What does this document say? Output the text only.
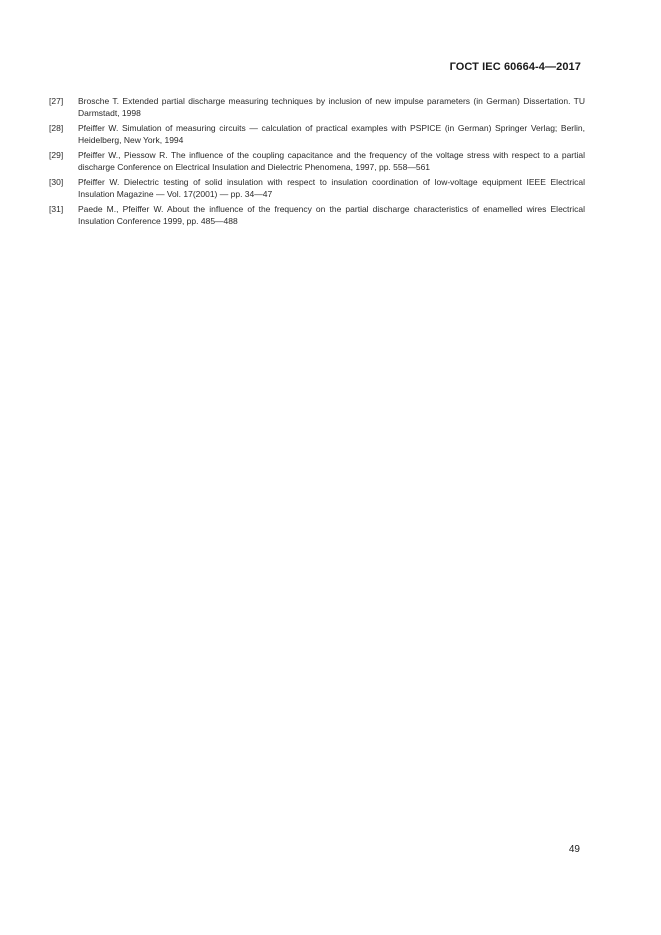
ГОСТ IEC 60664-4—2017
[27]	Brosche T. Extended partial discharge measuring techniques by inclusion of new impulse parameters (in German) Dissertation. TU Darmstadt, 1998
[28]	Pfeiffer W. Simulation of measuring circuits — calculation of practical examples with PSPICE (in German) Springer Verlag; Berlin, Heidelberg, New York, 1994
[29]	Pfeiffer W., Piessow R. The influence of the coupling capacitance and the frequency of the voltage stress with respect to a partial discharge Conference on Electrical Insulation and Dielectric Phenomena, 1997, pp. 558—561
[30]	Pfeiffer W. Dielectric testing of solid insulation with respect to insulation coordination of low-voltage equipment IEEE Electrical Insulation Magazine — Vol. 17(2001) — pp. 34—47
[31]	Paede M., Pfeiffer W. About the influence of the frequency on the partial discharge characteristics of enamelled wires Electrical Insulation Conference 1999, pp. 485—488
49
